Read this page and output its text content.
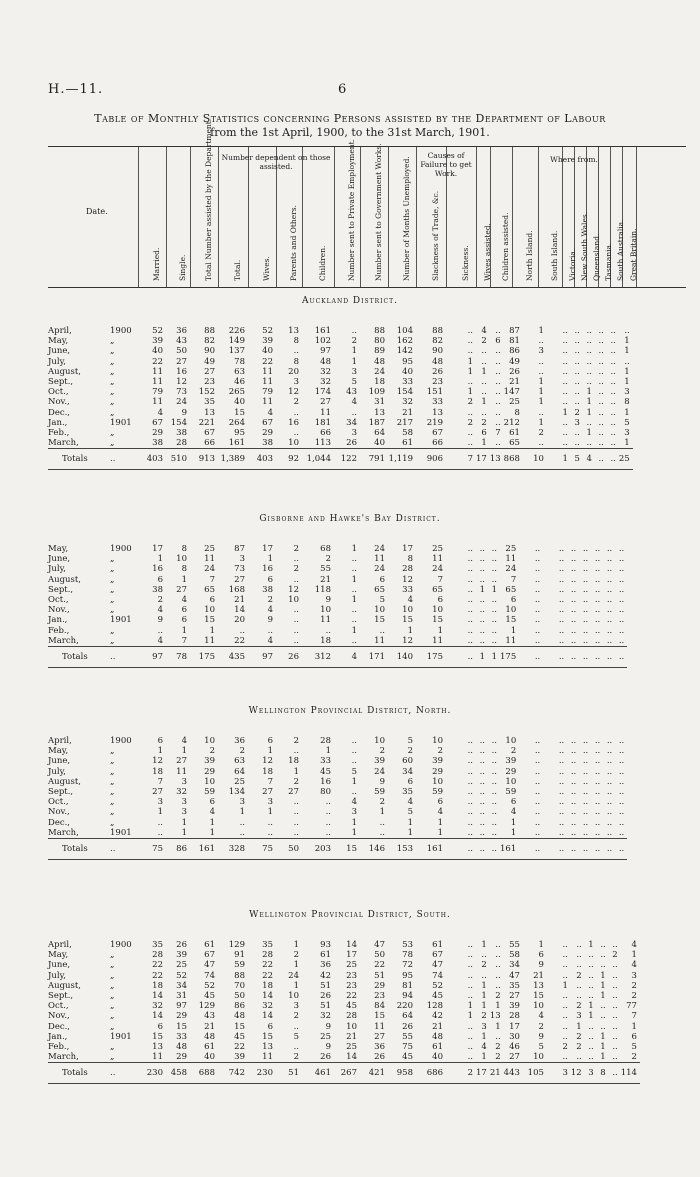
H.—11.	6
Table of Monthly Statistics concerning Persons assisted by the Department of Labour
from the 1st April, 1900, to the 31st March, 1901.
Date.
Married. Single. Total Number assisted by the Department.	Total.	Wives. Parents and Others.	Children.	Number sent to Private Employment. Number sent to Government Works.	Number of Months Unemployed.	Slackness of Trade, &c.	Sickness. Wives assisted. Children assisted. North Island. South Island. Victoria. New South Wales. Queensland. Tasmania. South Australia. Great Britain.
Number dependent on those assisted.
Causes of Failure to get Work.
Where from.
Auckland District.
April,	1900	52	36	88	226	52	13	161	..	88	104	88	..	4	..	87	1	..	..	..	..	..	..
May,	„	39	43	82	149	39	8	102	2	80	162	82	..	2	6	81	..	..	..	..	..	..	1
June,	„	40	50	90	137	40	..	97	1	89	142	90	..	..	..	86	3	..	..	..	..	..	1
July,	„	22	27	49	78	22	8	48	1	48	95	48	1	..	..	49	..	..	..	..	..	..	..
August,	„	11	16	27	63	11	20	32	3	24	40	26	1	1	..	26	..	..	..	..	..	..	1
Sept.,	„	11	12	23	46	11	3	32	5	18	33	23	..	..	..	21	1	..	..	..	..	..	1
Oct.,	„	79	73	152	265	79	12	174	43	109	154	151	1	..	..	147	1	..	..	1	..	..	3
Nov.,	„	11	24	35	40	11	2	27	4	31	32	33	2	1	..	25	1	..	..	1	..	..	8
Dec.,	„	4	9	13	15	4	..	11	..	13	21	13	..	..	..	8	..	1	2	1	..	..	1
Jan.,	1901	67	154	221	264	67	16	181	34	187	217	219	2	2	..	212	1	..	3	..	..	..	5
Feb.,	„	29	38	67	95	29	..	66	3	64	58	67	..	6	7	61	2	..	..	1	..	..	3
March,	„	38	28	66	161	38	10	113	26	40	61	66	..	1	..	65	..	..	..	..	..	..	1
Totals	..	403	510	913	1,389	403	92	1,044	122	791	1,119	906	7	17	13	868	10	1	5	4	..	..	25
Gisborne and Hawke's Bay District.
May,	1900	17	8	25	87	17	2	68	1	24	17	25	..	..	..	25	..	..	..	..	..	..	..
June,	„	1	10	11	3	1	..	2	..	11	8	11	..	..	..	11	..	..	..	..	..	..	..
July,	„	16	8	24	73	16	2	55	..	24	28	24	..	..	..	24	..	..	..	..	..	..	..
August,	„	6	1	7	27	6	..	21	1	6	12	7	..	..	..	7	..	..	..	..	..	..	..
Sept.,	„	38	27	65	168	38	12	118	..	65	33	65	..	1	1	65	..	..	..	..	..	..	..
Oct.,	„	2	4	6	21	2	10	9	1	5	4	6	..	..	..	6	..	..	..	..	..	..	..
Nov.,	„	4	6	10	14	4	..	10	..	10	10	10	..	..	..	10	..	..	..	..	..	..	..
Jan.,	1901	9	6	15	20	9	..	11	..	15	15	15	..	..	..	15	..	..	..	..	..	..	..
Feb.,	„	..	1	1	..	..	..	..	1	..	1	1	..	..	..	1	..	..	..	..	..	..	..
March,	„	4	7	11	22	4	..	18	..	11	12	11	..	..	..	11	..	..	..	..	..	..	..
Totals	..	97	78	175	435	97	26	312	4	171	140	175	..	1	1	175	..	..	..	..	..	..	..
Wellington Provincial District, North.
April,	1900	6	4	10	36	6	2	28	..	10	5	10	..	..	..	10	..	..	..	..	..	..	..
May,	„	1	1	2	2	1	..	1	..	2	2	2	..	..	..	2	..	..	..	..	..	..	..
June,	„	12	27	39	63	12	18	33	..	39	60	39	..	..	..	39	..	..	..	..	..	..	..
July,	„	18	11	29	64	18	1	45	5	24	34	29	..	..	..	29	..	..	..	..	..	..	..
August,	„	7	3	10	25	7	2	16	1	9	6	10	..	..	..	10	..	..	..	..	..	..	..
Sept.,	„	27	32	59	134	27	27	80	..	59	35	59	..	..	..	59	..	..	..	..	..	..	..
Oct.,	„	3	3	6	3	3	..	..	4	2	4	6	..	..	..	6	..	..	..	..	..	..	..
Nov.,	„	1	3	4	1	1	..	..	3	1	5	4	..	..	..	4	..	..	..	..	..	..	..
Dec.,	„	..	1	1	..	..	..	..	1	..	1	1	..	..	..	1	..	..	..	..	..	..	..
March,	1901	..	1	1	..	..	..	..	1	..	1	1	..	..	..	1	..	..	..	..	..	..	..
Totals	..	75	86	161	328	75	50	203	15	146	153	161	..	..	..	161	..	..	..	..	..	..	..
Wellington Provincial District, South.
April,	1900	35	26	61	129	35	1	93	14	47	53	61	..	1	..	55	1	..	..	1	..	..	4
May,	„	28	39	67	91	28	2	61	17	50	78	67	..	..	..	58	6	..	..	..	..	2	1
June,	„	22	25	47	59	22	1	36	25	22	72	47	..	2	..	34	9	..	..	..	..	..	4
July,	„	22	52	74	88	22	24	42	23	51	95	74	..	..	..	47	21	..	2	..	1	..	3
August,	„	18	34	52	70	18	1	51	23	29	81	52	..	1	..	35	13	1	..	..	1	..	2
Sept.,	„	14	31	45	50	14	10	26	22	23	94	45	..	1	2	27	15	..	..	..	1	..	2
Oct.,	„	32	97	129	86	32	3	51	45	84	220	128	1	1	1	39	10	..	2	1	..	..	77
Nov.,	„	14	29	43	48	14	2	32	28	15	64	42	1	2	13	28	4	..	3	1	..	..	7
Dec.,	„	6	15	21	15	6	..	9	10	11	26	21	..	3	1	17	2	..	1	..	..	..	1
Jan.,	1901	15	33	48	45	15	5	25	21	27	55	48	..	1	..	30	9	..	2	..	1	..	6
Feb.,	„	13	48	61	22	13	..	9	25	36	75	61	..	4	2	46	5	2	2	..	1	..	5
March,	„	11	29	40	39	11	2	26	14	26	45	40	..	1	2	27	10	..	..	..	1	..	2
Totals	..	230	458	688	742	230	51	461	267	421	958	686	2	17	21	443	105	3	12	3	8	..	114
